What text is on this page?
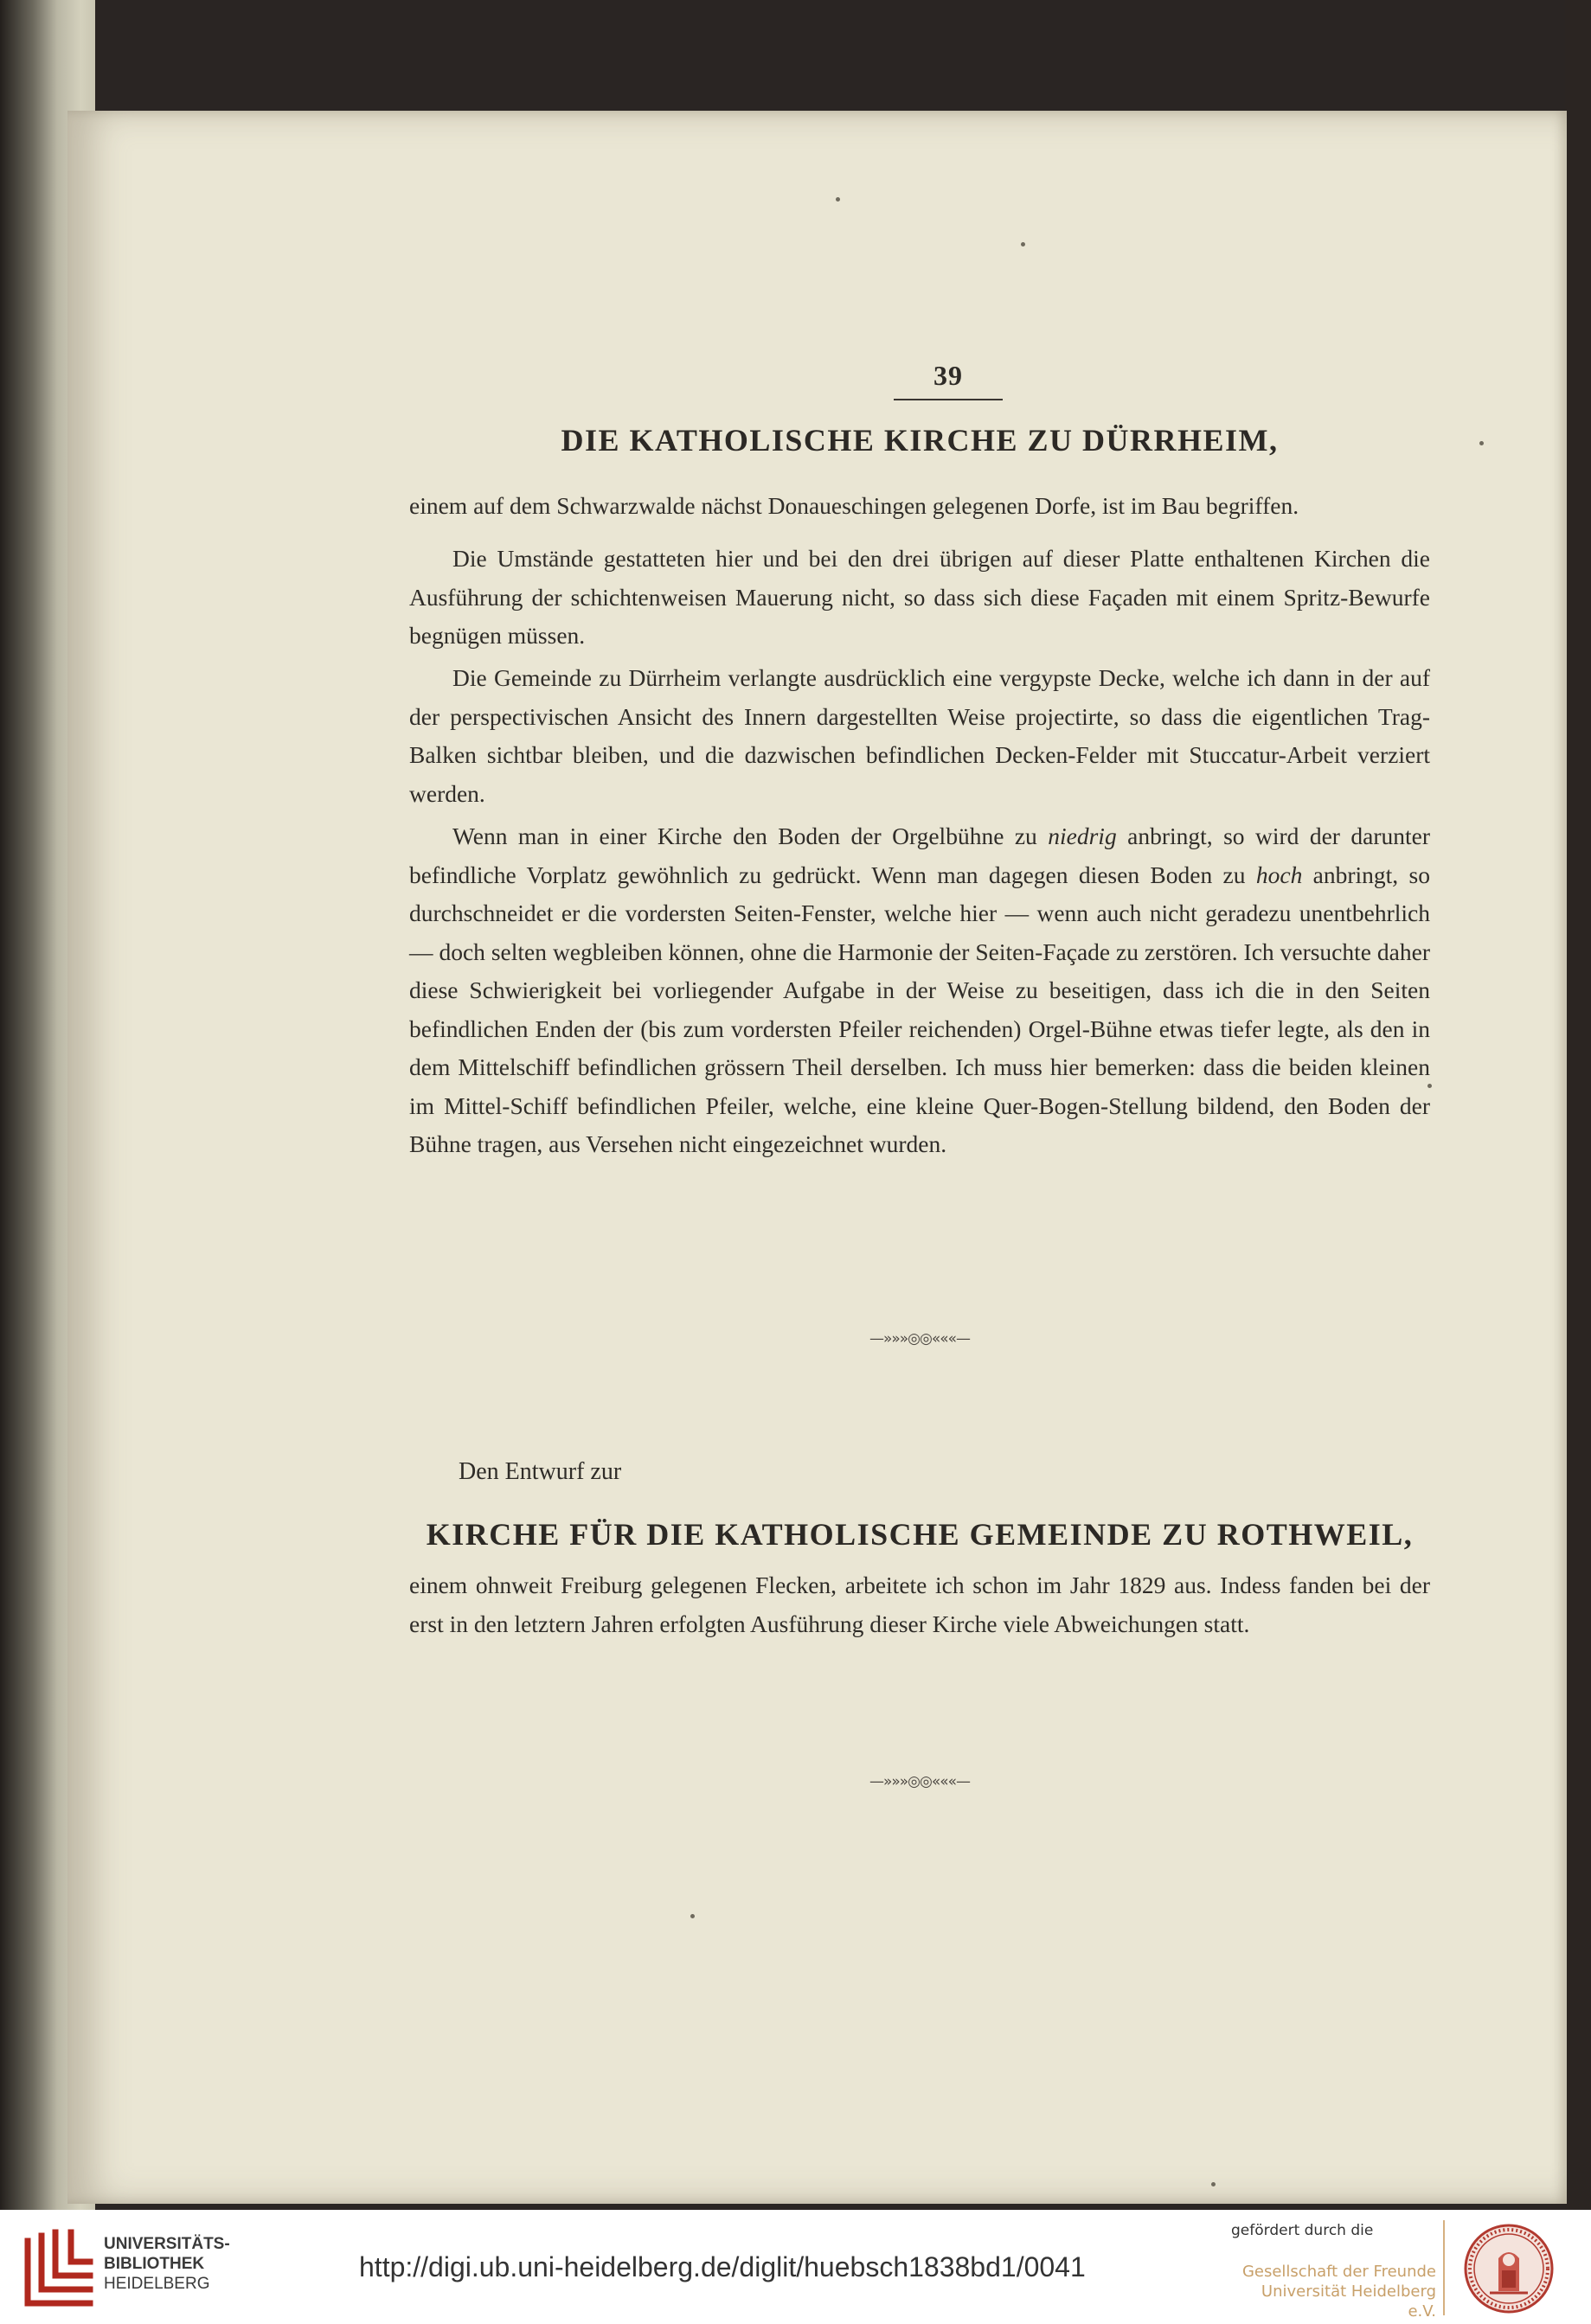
39
DIE KATHOLISCHE KIRCHE ZU DÜRRHEIM,
einem auf dem Schwarzwalde nächst Donaueschingen gelegenen Dorfe, ist im Bau begriffen.
Die Umstände gestatteten hier und bei den drei übrigen auf dieser Platte enthaltenen Kirchen die Ausführung der schichtenweisen Mauerung nicht, so dass sich diese Façaden mit einem Spritz-Bewurfe begnügen müssen.
Die Gemeinde zu Dürrheim verlangte ausdrücklich eine vergypste Decke, welche ich dann in der auf der perspectivischen Ansicht des Innern dargestellten Weise projectirte, so dass die eigentlichen Trag-Balken sichtbar bleiben, und die dazwischen befindlichen Decken-Felder mit Stuccatur-Arbeit verziert werden.
Wenn man in einer Kirche den Boden der Orgelbühne zu niedrig anbringt, so wird der darunter befindliche Vorplatz gewöhnlich zu gedrückt. Wenn man dagegen diesen Boden zu hoch anbringt, so durchschneidet er die vordersten Seiten-Fenster, welche hier — wenn auch nicht geradezu unentbehrlich — doch selten wegbleiben können, ohne die Harmonie der Seiten-Façade zu zerstören. Ich versuchte daher diese Schwierigkeit bei vorliegender Aufgabe in der Weise zu beseitigen, dass ich die in den Seiten befindlichen Enden der (bis zum vordersten Pfeiler reichenden) Orgel-Bühne etwas tiefer legte, als den in dem Mittelschiff befindlichen grössern Theil derselben. Ich muss hier bemerken: dass die beiden kleinen im Mittel-Schiff befindlichen Pfeiler, welche, eine kleine Quer-Bogen-Stellung bildend, den Boden der Bühne tragen, aus Versehen nicht eingezeichnet wurden.
—»»»◎◎«««—
Den Entwurf zur
KIRCHE FÜR DIE KATHOLISCHE GEMEINDE ZU ROTHWEIL,
einem ohnweit Freiburg gelegenen Flecken, arbeitete ich schon im Jahr 1829 aus. Indess fanden bei der erst in den letztern Jahren erfolgten Ausführung dieser Kirche viele Abweichungen statt.
—»»»◎◎«««—
UNIVERSITÄTS-
BIBLIOTHEK
HEIDELBERG
http://digi.ub.uni-heidelberg.de/diglit/huebsch1838bd1/0041
gefördert durch die
Gesellschaft der Freunde
Universität Heidelberg e.V.
